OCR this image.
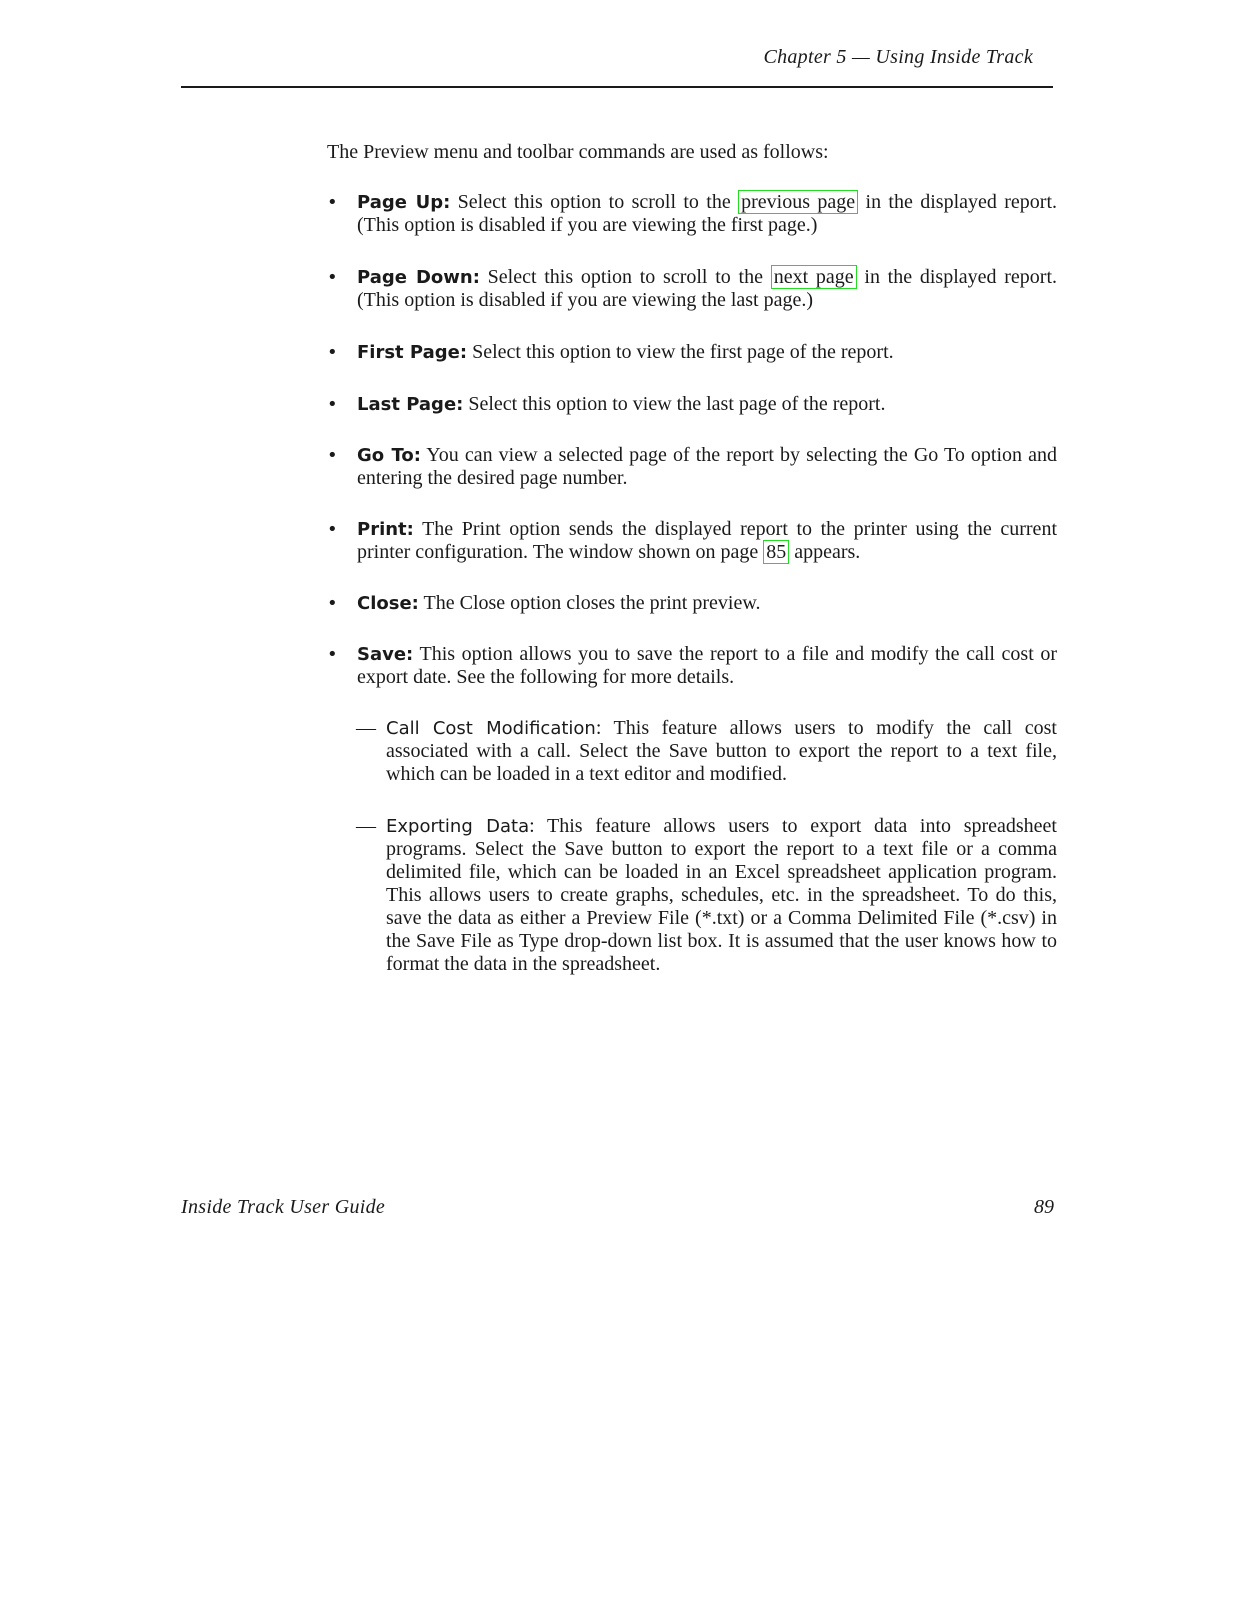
Chapter 5 — Using Inside Track
The Preview menu and toolbar commands are used as follows:
•	Page Up: Select this option to scroll to the previous page in the displayed report. (This option is disabled if you are viewing the first page.)
•	Page Down: Select this option to scroll to the next page in the displayed report. (This option is disabled if you are viewing the last page.)
•	First Page: Select this option to view the first page of the report.
•	Last Page: Select this option to view the last page of the report.
•	Go To: You can view a selected page of the report by selecting the Go To option and entering the desired page number.
•	Print: The Print option sends the displayed report to the printer using the current printer configuration. The window shown on page 85 appears.
•	Close: The Close option closes the print preview.
•	Save: This option allows you to save the report to a file and modify the call cost or export date. See the following for more details.
— Call Cost Modification: This feature allows users to modify the call cost associated with a call. Select the Save button to export the report to a text file, which can be loaded in a text editor and modified.
— Exporting Data: This feature allows users to export data into spreadsheet programs. Select the Save button to export the report to a text file or a comma delimited file, which can be loaded in an Excel spreadsheet application program. This allows users to create graphs, schedules, etc. in the spreadsheet. To do this, save the data as either a Preview File (*.txt) or a Comma Delimited File (*.csv) in the Save File as Type drop-down list box. It is assumed that the user knows how to format the data in the spreadsheet.
Inside Track User Guide	89
